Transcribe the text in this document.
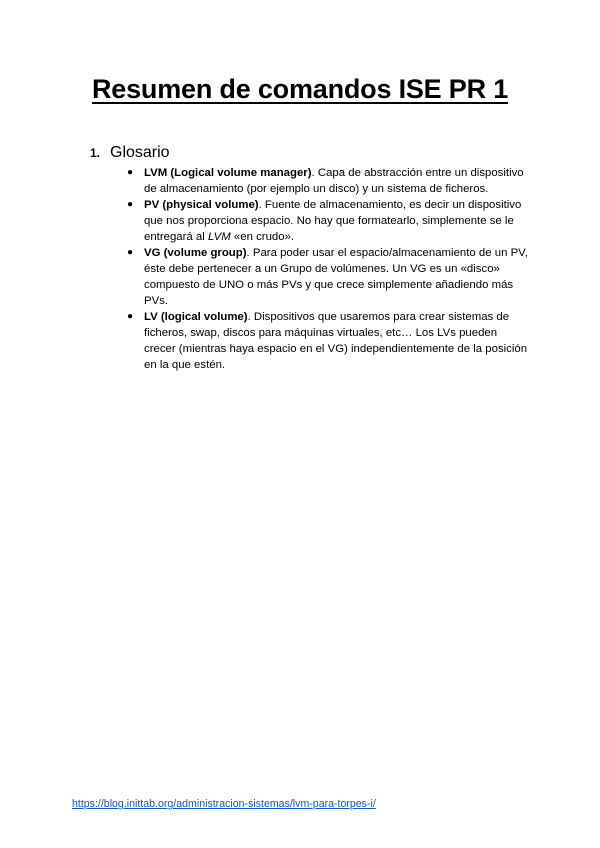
Resumen de comandos ISE PR 1
1. Glosario
● LVM (Logical volume manager). Capa de abstracción entre un dispositivo de almacenamiento (por ejemplo un disco) y un sistema de ficheros.
● PV (physical volume). Fuente de almacenamiento, es decir un dispositivo que nos proporciona espacio. No hay que formatearlo, simplemente se le entregará al LVM «en crudo».
● VG (volume group). Para poder usar el espacio/almacenamiento de un PV, éste debe pertenecer a un Grupo de volúmenes. Un VG es un «disco» compuesto de UNO o más PVs y que crece simplemente añadiendo más PVs.
● LV (logical volume). Dispositivos que usaremos para crear sistemas de ficheros, swap, discos para máquinas virtuales, etc… Los LVs pueden crecer (mientras haya espacio en el VG) independientemente de la posición en la que estén.
https://blog.inittab.org/administracion-sistemas/lvm-para-torpes-i/
